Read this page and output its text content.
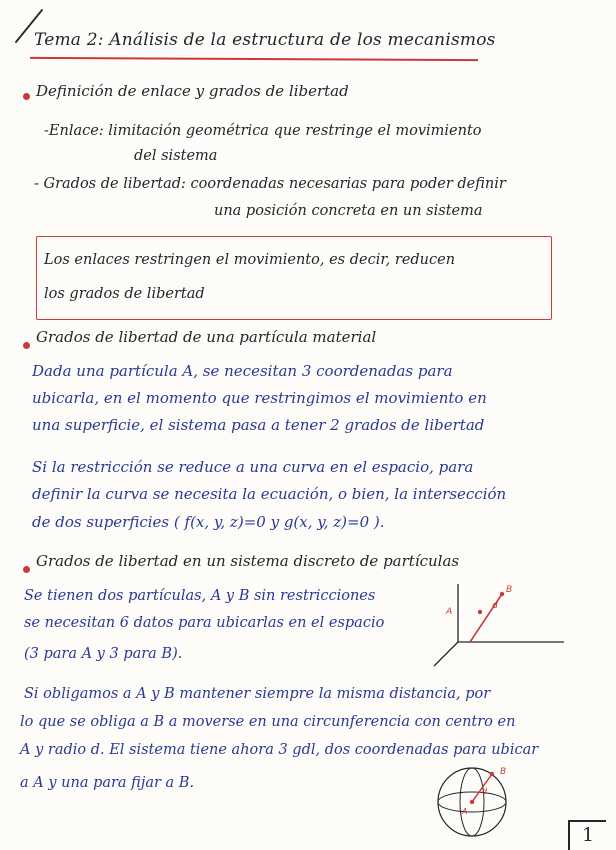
Tema 2: Análisis de la estructura de los mecanismos

Definición de enlace y grados de libertad

-Enlace: limitación geométrica que restringe el movimiento

del sistema

- Grados de libertad: coordenadas necesarias para poder definir

una posición concreta en un sistema

Los enlaces restringen el movimiento, es decir, reducen

los grados de libertad

Grados de libertad de una partícula material

Dada una partícula A, se necesitan 3 coordenadas para

ubicarla, en el momento que restringimos el movimiento en

una superficie, el sistema pasa a tener 2 grados de libertad

Si la restricción se reduce a una curva en el espacio, para

definir la curva se necesita la ecuación, o bien, la intersección

de dos superficies ( f(x, y, z)=0 y g(x, y, z)=0 ).

Grados de libertad en un sistema discreto de partículas

Se tienen dos partículas, A y B sin restricciones

se necesitan 6 datos para ubicarlas en el espacio

(3 para A y 3 para B).

Si obligamos a A y B mantener siempre la misma distancia, por

lo que se obliga a B a moverse en una circunferencia con centro en

A y radio d. El sistema tiene ahora 3 gdl, dos coordenadas para ubicar

a A y una para fijar a B.

A
B
d
A
B
d
1
